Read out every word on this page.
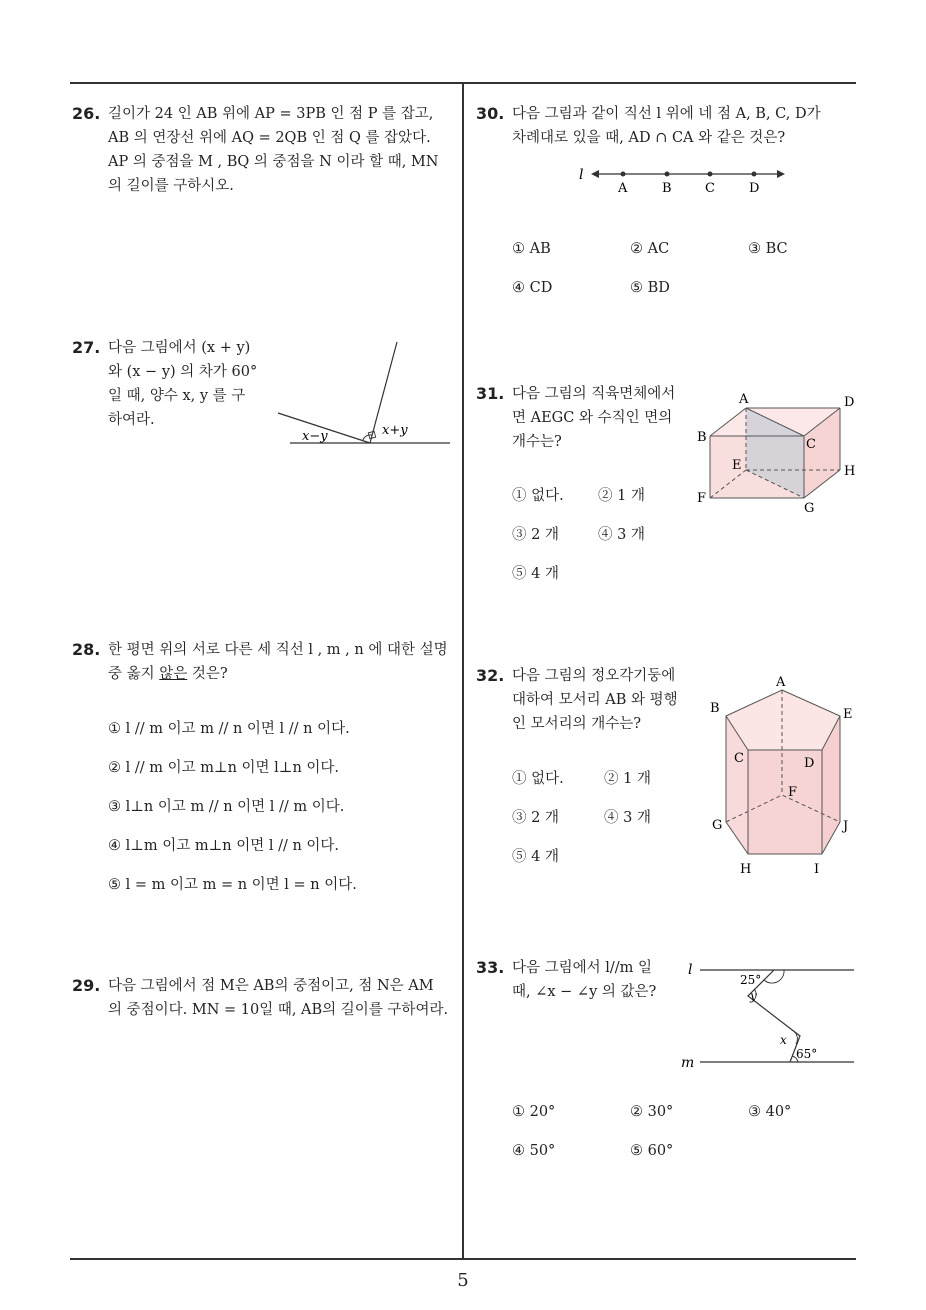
26. 길이가 24 인 AB 위에 AP = 3PB 인 점 P 를 잡고,
AB 의 연장선 위에 AQ = 2QB 인 점 Q 를 잡았다.
AP 의 중점을 M , BQ 의 중점을 N 이라 할 때, MN
의 길이를 구하시오.
27. 다음 그림에서 (x + y)
와 (x − y) 의 차가 60°
일 때, 양수 x, y 를 구
하여라.
x−y	x+y
28. 한 평면 위의 서로 다른 세 직선 l , m , n 에 대한 설명
중 옳지 않은 것은?
① l // m 이고 m // n 이면 l // n 이다.
② l // m 이고 m⊥n 이면 l⊥n 이다.
③ l⊥n 이고 m // n 이면 l // m 이다.
④ l⊥m 이고 m⊥n 이면 l // n 이다.
⑤ l = m 이고 m = n 이면 l = n 이다.
29. 다음 그림에서 점 M은 AB의 중점이고, 점 N은 AM
의 중점이다. MN = 10일 때, AB의 길이를 구하여라.
30. 다음 그림과 같이 직선 l 위에 네 점 A, B, C, D가
차례대로 있을 때, AD ∩ CA 와 같은 것은?
l
A	B	C	D
① AB	② AC	③ BC
④ CD	⑤ BD
31. 다음 그림의 직육면체에서
면 AEGC 와 수직인 면의
개수는?
A	D
B	C
E	H
F
G
① 없다. ② 1 개
③ 2 개	④ 3 개
⑤ 4 개
32. 다음 그림의 정오각기둥에
대하여 모서리 AB 와 평행
인 모서리의 개수는?
A
B	E
C	D
F
G	J
H	I
① 없다.	② 1 개
③ 2 개	④ 3 개
⑤ 4 개
33. 다음 그림에서 l//m 일
때, ∠x − ∠y 의 값은?
l
m
25°
y
x
65°
① 20°	② 30°	③ 40°
④ 50°	⑤ 60°
5
